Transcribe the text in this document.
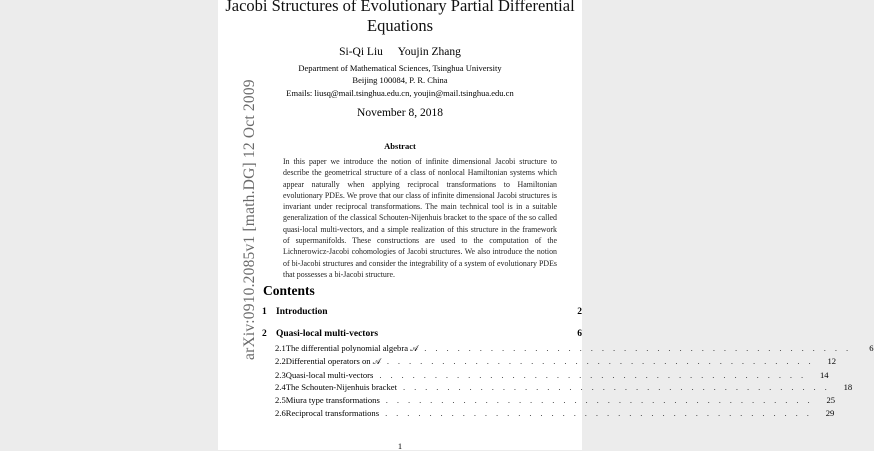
arXiv:0910.2085v1 [math.DG] 12 Oct 2009
Jacobi Structures of Evolutionary Partial Differential Equations
Si-Qi Liu Youjin Zhang
Department of Mathematical Sciences, Tsinghua University
Beijing 100084, P. R. China
Emails: liusq@mail.tsinghua.edu.cn, youjin@mail.tsinghua.edu.cn
November 8, 2018
Abstract
In this paper we introduce the notion of infinite dimensional Jacobi structure to describe the geometrical structure of a class of nonlocal Hamiltonian systems which appear naturally when applying reciprocal transformations to Hamiltonian evolutionary PDEs. We prove that our class of infinite dimensional Jacobi structures is invariant under reciprocal transformations. The main technical tool is in a suitable generalization of the classical Schouten-Nijenhuis bracket to the space of the so called quasi-local multi-vectors, and a simple realization of this structure in the framework of supermanifolds. These constructions are used to the computation of the Lichnerowicz-Jacobi cohomologies of Jacobi structures. We also introduce the notion of bi-Jacobi structures and consider the integrability of a system of evolutionary PDEs that possesses a bi-Jacobi structure.
Contents
1 Introduction	2
2 Quasi-local multi-vectors	6
2.1 The differential polynomial algebra 𝒜 . . . . . . . . . . . . . . . . . . . . . . . . . . . . . . . . . . . . . . .	6
2.2 Differential operators on 𝒜 . . . . . . . . . . . . . . . . . . . . . . . . . . . . . . . . . . . . . . .	12
2.3 Quasi-local multi-vectors . . . . . . . . . . . . . . . . . . . . . . . . . . . . . . . . . . . . . . .	14
2.4 The Schouten-Nijenhuis bracket . . . . . . . . . . . . . . . . . . . . . . . . . . . . . . . . . . . . . . .	18
2.5 Miura type transformations . . . . . . . . . . . . . . . . . . . . . . . . . . . . . . . . . . . . . . .	25
2.6 Reciprocal transformations . . . . . . . . . . . . . . . . . . . . . . . . . . . . . . . . . . . . . . .	29
1
